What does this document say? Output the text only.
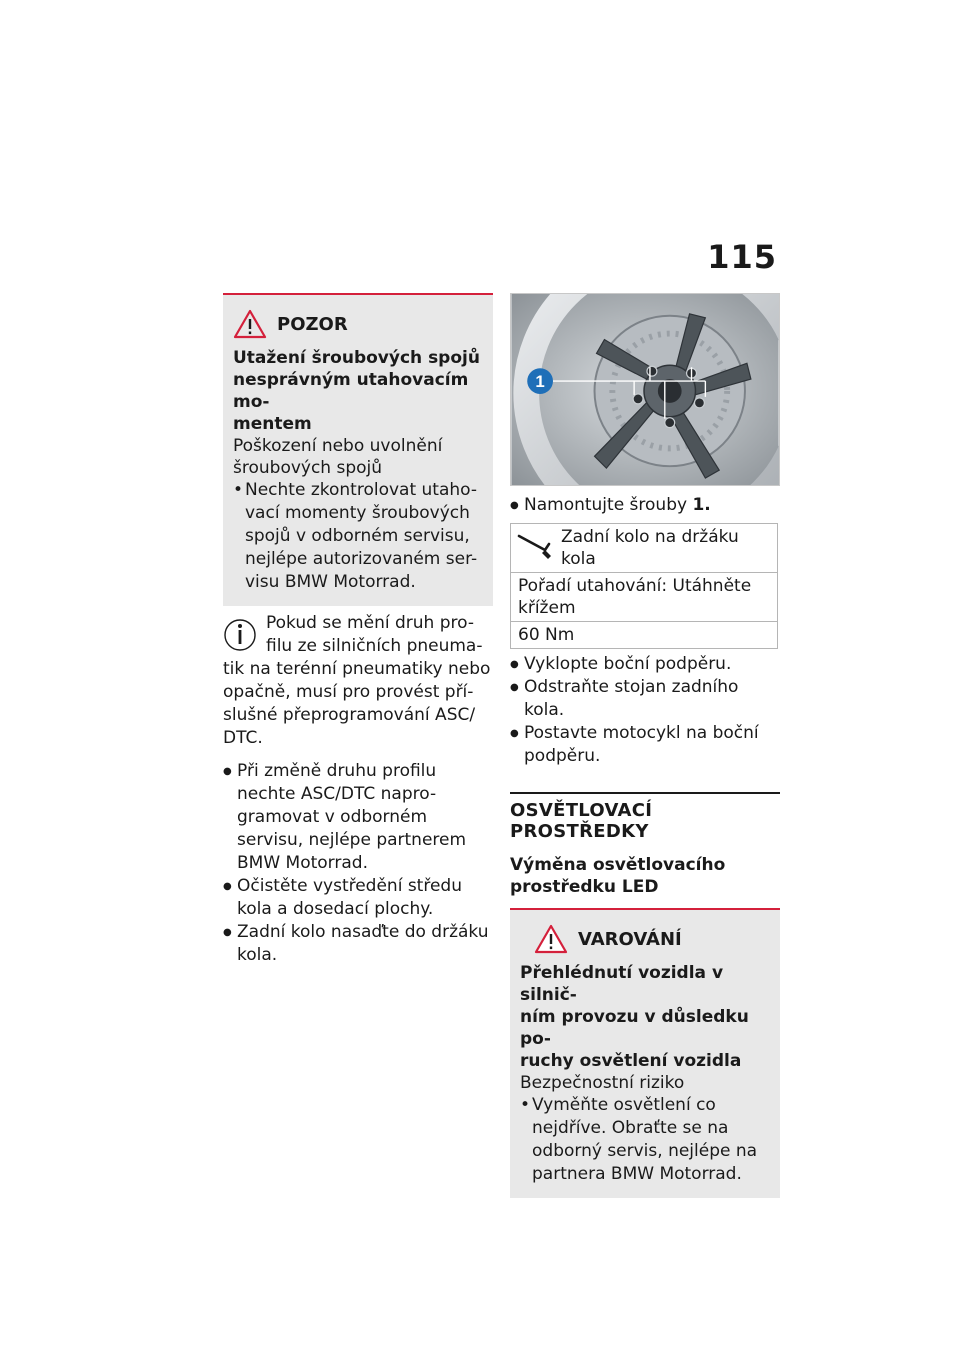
115
POZOR
Utažení šroubových spojů
nesprávným utahovacím mo-
mentem
Poškození nebo uvolnění
šroubových spojů
• Nechte zkontrolovat utaho-
vací momenty šroubových
spojů v odborném servisu,
nejlépe autorizovaném ser-
visu BMW Motorrad.

Pokud se mění druh pro-

filu ze silničních pneuma-

tik na terénní pneumatiky nebo

opačně, musí pro provést pří-

slušné přeprogramování ASC/

DTC.

● Při změně druhu profilu
nechte ASC/DTC napro-
gramovat v odborném
servisu, nejlépe partnerem
BMW Motorrad.
● Očistěte vystředění středu
kola a dosedací plochy.
● Zadní kolo nasaďte do držáku
kola.
1
● Namontujte šrouby 1.
Zadní kolo na držáku
kola

Pořadí utahování: Utáhněte
křížem

60 Nm
● Vyklopte boční podpěru.
● Odstraňte stojan zadního kola.
● Postavte motocykl na boční
podpěru.
OSVĚTLOVACÍ PROSTŘEDKY
Výměna osvětlovacího
prostředku LED
VAROVÁNÍ
Přehlédnutí vozidla v silnič-
ním provozu v důsledku po-
ruchy osvětlení vozidla
Bezpečnostní riziko
• Vyměňte osvětlení co
nejdříve. Obraťte se na
odborný servis, nejlépe na
partnera BMW Motorrad.
